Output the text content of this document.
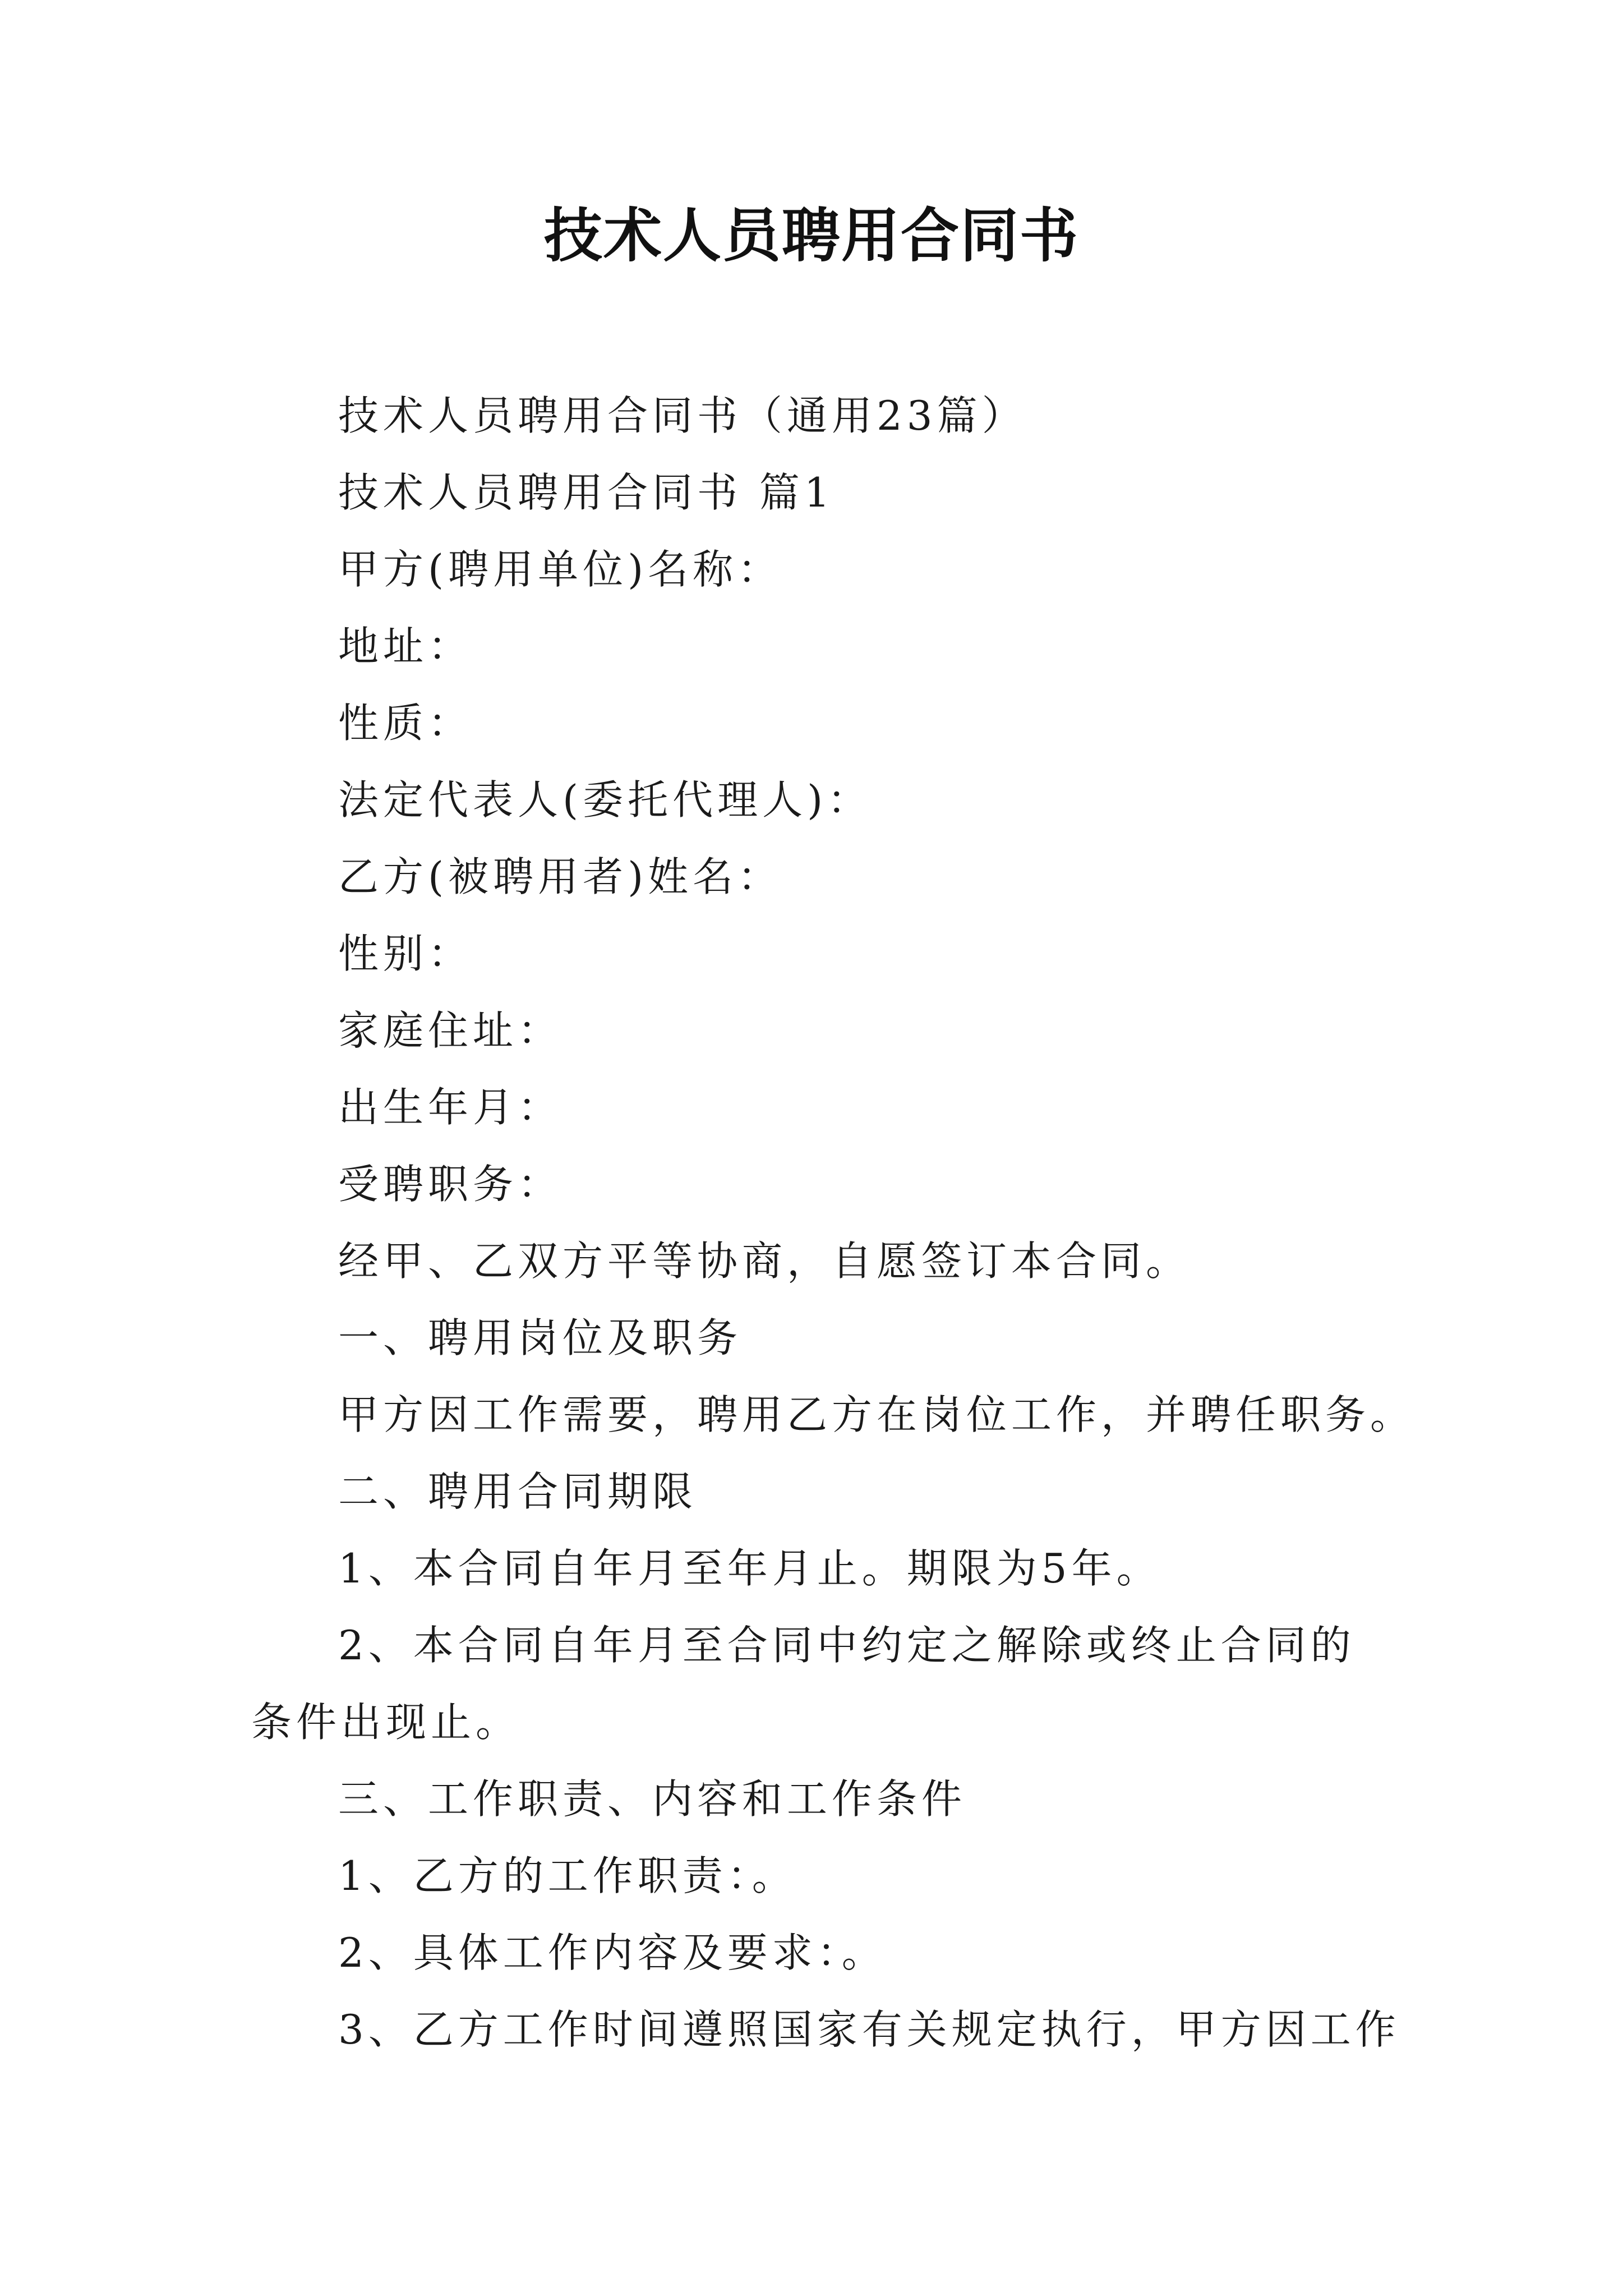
技术人员聘用合同书
技术人员聘用合同书（通用23篇）
技术人员聘用合同书 篇1
甲方(聘用单位)名称：
地址：
性质：
法定代表人(委托代理人)：
乙方(被聘用者)姓名：
性别：
家庭住址：
出生年月：
受聘职务：
经甲、乙双方平等协商，自愿签订本合同。
一、聘用岗位及职务
甲方因工作需要，聘用乙方在岗位工作，并聘任职务。
二、聘用合同期限
1、本合同自年月至年月止。期限为5年。
2、本合同自年月至合同中约定之解除或终止合同的条件出现止。
三、工作职责、内容和工作条件
1、乙方的工作职责：。
2、具体工作内容及要求：。
3、乙方工作时间遵照国家有关规定执行，甲方因工作
